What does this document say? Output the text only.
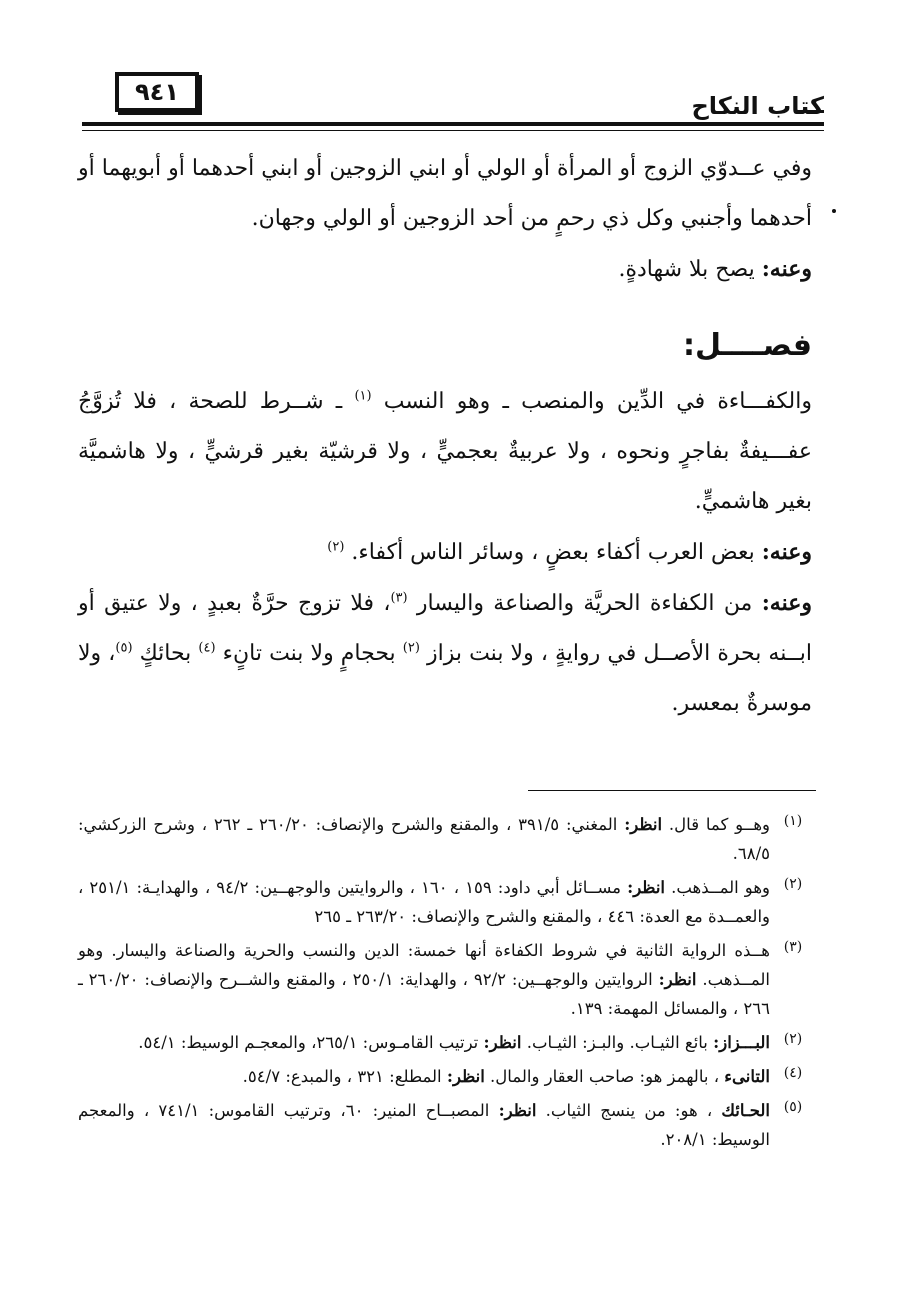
٩٤١	كتاب النكاح

وفي عــدوّي الزوج أو المرأة أو الولي أو ابني الزوجين أو ابني أحدهما أو أبويهما أو أحدهما وأجنبي وكل ذي رحمٍ من أحد الزوجين أو الولي وجهان.

وعنه: يصح بلا شهادةٍ.

فصــــل:

والكفـــاءة في الدِّين والمنصب ـ وهو النسب $^{(١)}$ ـ شــرط للصحة ، فلا تُزوَّجُ عفـــيفةٌ بفاجرٍ ونحوه ، ولا عربيةٌ بعجميٍّ ، ولا قرشيّة بغير قرشيٍّ ، ولا هاشميَّة بغير هاشميٍّ.

وعنه: بعض العرب أكفاء بعضٍ ، وسائر الناس أكفاء. $^{(٢)}$

وعنه: من الكفاءة الحريَّة والصناعة واليسار $^{(٣)}$، فلا تزوج حرَّةٌ بعبدٍ ، ولا عتيق أو ابــنه بحرة الأصــل في روايةٍ ، ولا بنت بزاز $^{(٢)}$ بحجامٍ ولا بنت تانٍء $^{(٤)}$ بحائكٍ $^{(٥)}$، ولا موسرةٌ بمعسر.

(١)
وهــو كما قال. انظر: المغني: ٣٩١/٥ ، والمقنع والشرح والإنصاف: ٢٦٠/٢٠ ـ ٢٦٢ ، وشرح الزركشي: ٦٨/٥.
(٢)
وهو المــذهب. انظر: مســائل أبي داود: ١٥٩ ، ١٦٠ ، والروايتين والوجهــين: ٩٤/٢ ، والهدايـة: ٢٥١/١ ، والعمــدة مع العدة: ٤٤٦ ، والمقنع والشرح والإنصاف: ٢٦٣/٢٠ ـ ٢٦٥
(٣)
هــذه الرواية الثانية في شروط الكفاءة أنها خمسة: الدين والنسب والحرية والصناعة واليسار. وهو المــذهب. انظر: الروايتين والوجهــين: ٩٢/٢ ، والهداية: ٢٥٠/١ ، والمقنع والشــرح والإنصاف: ٢٦٠/٢٠ ـ ٢٦٦ ، والمسائل المهمة: ١٣٩.
(٢)
البـــزاز: بائع الثيـاب. والبـز: الثيـاب. انظر: ترتيب القامـوس: ٢٦٥/١، والمعجـم الوسيط: ٥٤/١.
(٤)
التانىء ، بالهمز هو: صاحب العقار والمال. انظر: المطلع: ٣٢١ ، والمبدع: ٥٤/٧.
(٥)
الحـائك ، هو: من ينسج الثياب. انظر: المصبــاح المنير: ٦٠، وترتيب القاموس: ٧٤١/١ ، والمعجم الوسيط: ٢٠٨/١.
